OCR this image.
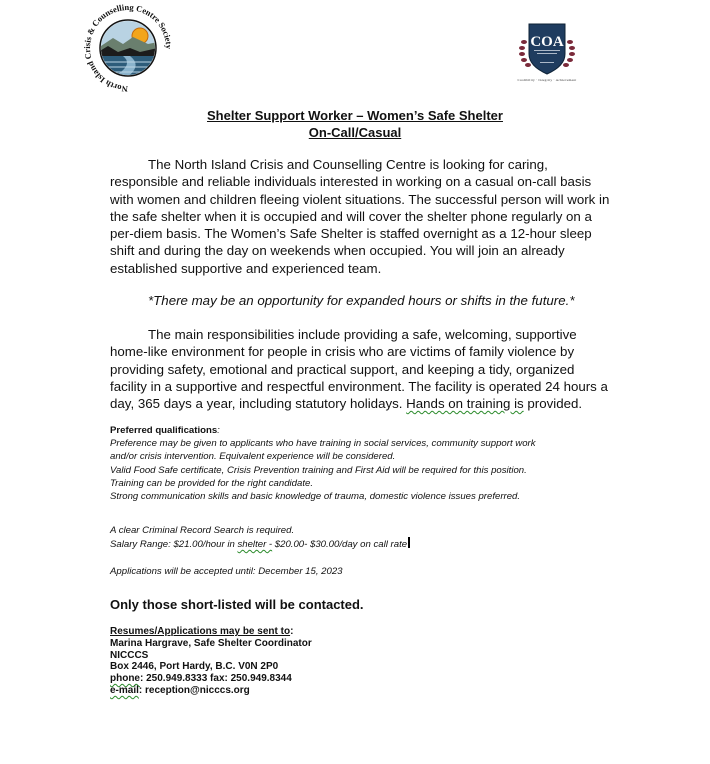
North Island Crisis & Counselling Centre Society	COA
Credibility · Integrity · Achievement
Shelter Support Worker – Women’s Safe Shelter
On-Call/Casual

The North Island Crisis and Counselling Centre is looking for caring, responsible and reliable individuals interested in working on a casual on-call basis with women and children fleeing violent situations. The successful person will work in the safe shelter when it is occupied and will cover the shelter phone regularly on a per-diem basis. The Women’s Safe Shelter is staffed overnight as a 12-hour sleep shift and during the day on weekends when occupied. You will join an already established supportive and experienced team.

*There may be an opportunity for expanded hours or shifts in the future.*

The main responsibilities include providing a safe, welcoming, supportive home-like environment for people in crisis who are victims of family violence by providing safety, emotional and practical support, and keeping a tidy, organized facility in a supportive and respectful environment. The facility is operated 24 hours a day, 365 days a year, including statutory holidays. Hands on training is provided.

Preferred qualifications:
Preference may be given to applicants who have training in social services, community support work
and/or crisis intervention. Equivalent experience will be considered.
Valid Food Safe certificate, Crisis Prevention training and First Aid will be required for this position.
Training can be provided for the right candidate.
Strong communication skills and basic knowledge of trauma, domestic violence issues preferred.
A clear Criminal Record Search is required.
Salary Range: $21.00/hour in shelter - $20.00- $30.00/day on call rate
Applications will be accepted until: December 15, 2023
Only those short-listed will be contacted.
Resumes/Applications may be sent to:
Marina Hargrave, Safe Shelter Coordinator
NICCCS
Box 2446, Port Hardy, B.C. V0N 2P0
phone: 250.949.8333 fax: 250.949.8344
e-mail: reception@nicccs.org
